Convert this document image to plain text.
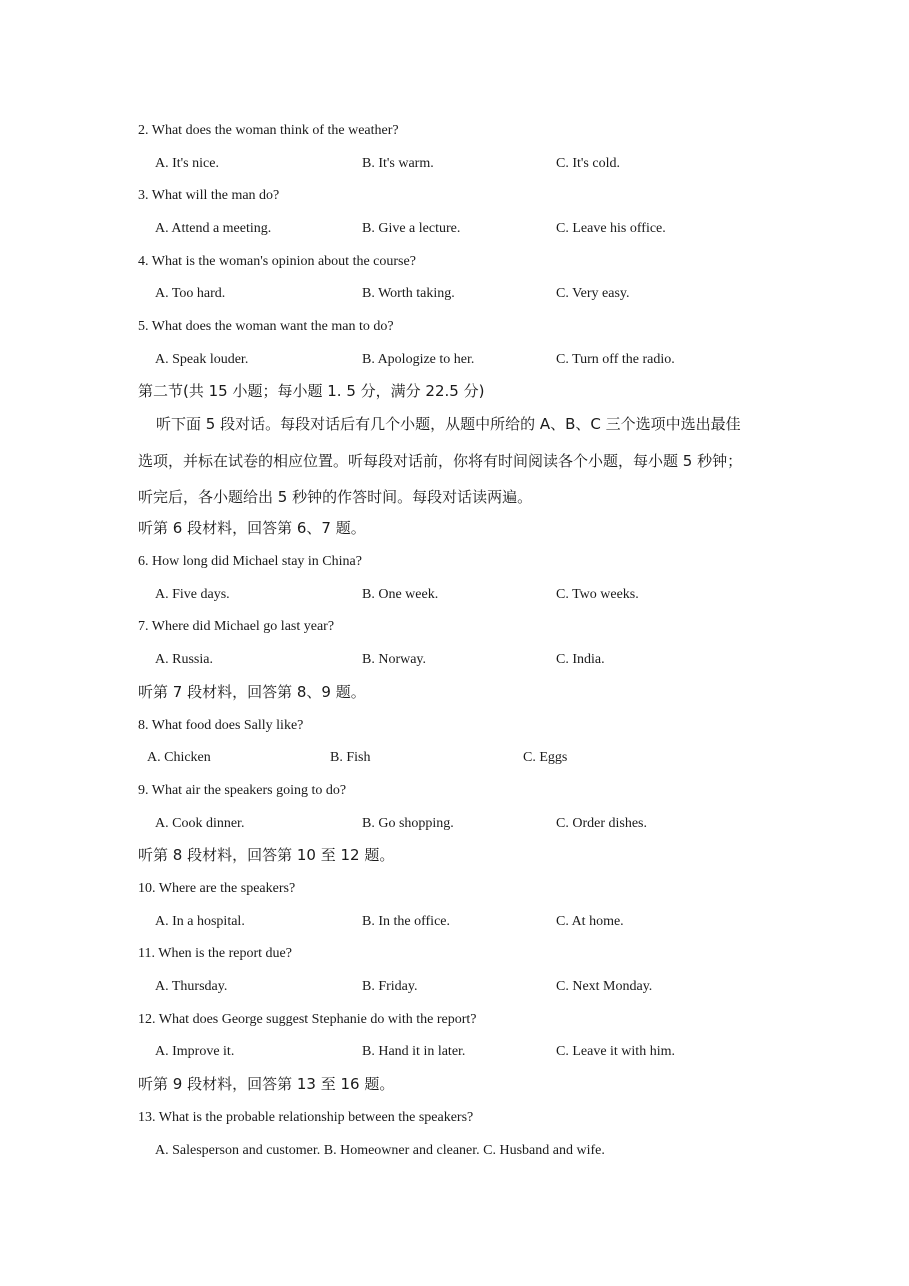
2. What does the woman think of the weather?
A. It's nice.	B. It's warm.	C. It's cold.
3. What will the man do?
A. Attend a meeting.	B. Give a lecture.	C. Leave his office.
4. What is the woman's opinion about the course?
A. Too hard.	B. Worth taking.	C. Very easy.
5. What does the woman want the man to do?
A. Speak louder.	B. Apologize to her.	C. Turn off the radio.
第二节(共 15 小题；每小题 1. 5 分，满分 22.5 分)
听下面 5 段对话。每段对话后有几个小题，从题中所给的 A、B、C 三个选项中选出最佳
选项，并标在试卷的相应位置。听每段对话前，你将有时间阅读各个小题，每小题 5 秒钟；
听完后，各小题给出 5 秒钟的作答时间。每段对话读两遍。
听第 6 段材料，回答第 6、7 题。
6. How long did Michael stay in China?
A. Five days.	B. One week.	C. Two weeks.
7. Where did Michael go last year?
A. Russia.	B. Norway.	C. India.
听第 7 段材料，回答第 8、9 题。
8. What food does Sally like?
A. Chicken	B. Fish	C. Eggs
9. What air the speakers going to do?
A. Cook dinner.	B. Go shopping.	C. Order dishes.
听第 8 段材料，回答第 10 至 12 题。
10. Where are the speakers?
A. In a hospital.	B. In the office.	C. At home.
11. When is the report due?
A. Thursday.	B. Friday.	C. Next Monday.
12. What does George suggest Stephanie do with the report?
A. Improve it.	B. Hand it in later.	C. Leave it with him.
听第 9 段材料，回答第 13 至 16 题。
13. What is the probable relationship between the speakers?
A. Salesperson and customer. B. Homeowner and cleaner. C. Husband and wife.
